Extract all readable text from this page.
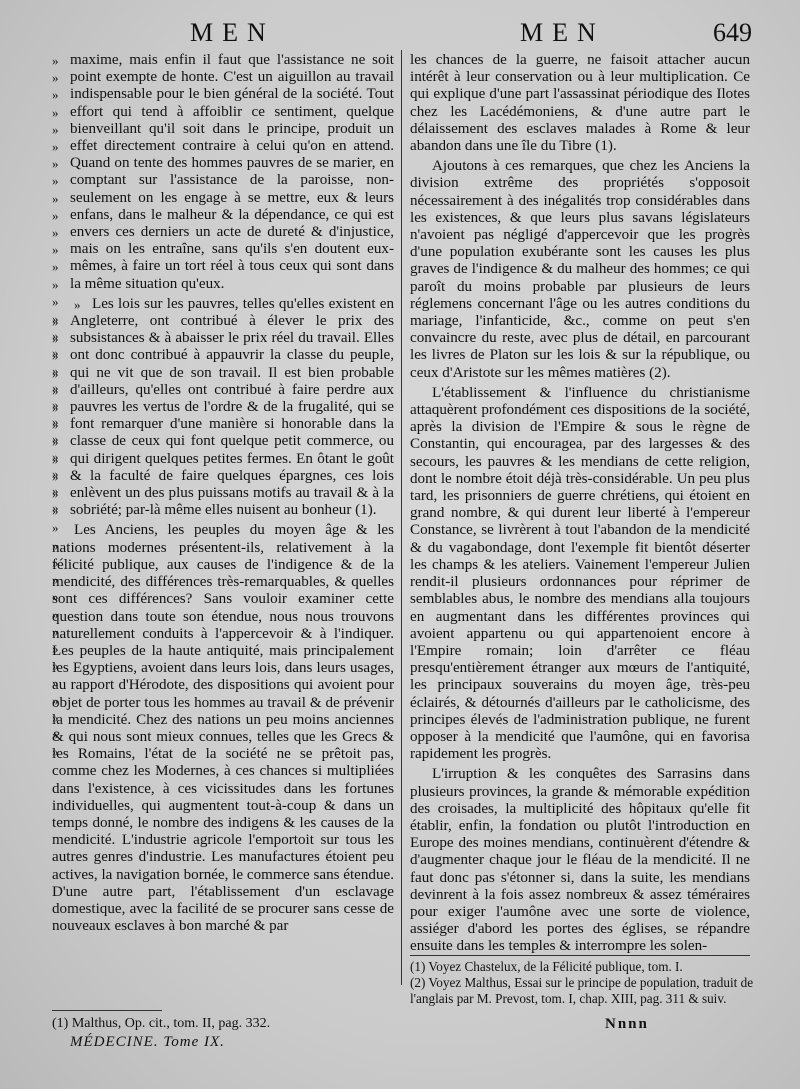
MEN	MEN	649

» » » » » » » » » » » » » » » » » » » » » » » » » » » maxime, mais enfin il faut que l'assistance ne soit point exempte de honte. C'est un aiguillon au travail indispensable pour le bien général de la société. Tout effort qui tend à affoiblir ce sentiment, quelque bienveillant qu'il soit dans le principe, produit un effet directement contraire à celui qu'on en attend. Quand on tente des hommes pauvres de se marier, en comptant sur l'assistance de la paroisse, non-seulement on les engage à se mettre, eux & leurs enfans, dans le malheur & la dépendance, ce qui est envers ces derniers un acte de dureté & d'injustice, mais on les entraîne, sans qu'ils s'en doutent eux-mêmes, à faire un tort réel à tous ceux qui sont dans la même situation qu'eux.

» » » » » » » » » » » » » » » » » » » » » » » » » » » Les lois sur les pauvres, telles qu'elles existent en Angleterre, ont contribué à élever le prix des subsistances & à abaisser le prix réel du travail. Elles ont donc contribué à appauvrir la classe du peuple, qui ne vit que de son travail. Il est bien probable d'ailleurs, qu'elles ont contribué à faire perdre aux pauvres les vertus de l'ordre & de la frugalité, qui se font remarquer d'une manière si honorable dans la classe de ceux qui font quelque petit commerce, ou qui dirigent quelques petites fermes. En ôtant le goût & la faculté de faire quelques épargnes, ces lois enlèvent un des plus puissans motifs au travail & à la sobriété; par-là même elles nuisent au bonheur (1).

Les Anciens, les peuples du moyen âge & les nations modernes présentent-ils, relativement à la félicité publique, aux causes de l'indigence & de la mendicité, des différences très-remarquables, & quelles sont ces différences? Sans vouloir examiner cette question dans toute son étendue, nous nous trouvons naturellement conduits à l'appercevoir & à l'indiquer. Les peuples de la haute antiquité, mais principalement les Egyptiens, avoient dans leurs lois, dans leurs usages, au rapport d'Hérodote, des dispositions qui avoient pour objet de porter tous les hommes au travail & de prévenir la mendicité. Chez des nations un peu moins anciennes & qui nous sont mieux connues, telles que les Grecs & les Romains, l'état de la société ne se prêtoit pas, comme chez les Modernes, à ces chances si multipliées dans l'existence, à ces vicissitudes dans les fortunes individuelles, qui augmentent tout-à-coup & dans un temps donné, le nombre des indigens & les causes de la mendicité. L'industrie agricole l'emportoit sur tous les autres genres d'industrie. Les manufactures étoient peu actives, la navigation bornée, le commerce sans étendue. D'une autre part, l'établissement d'un esclavage domestique, avec la facilité de se procurer sans cesse de nouveaux esclaves à bon marché & par

les chances de la guerre, ne faisoit attacher aucun intérêt à leur conservation ou à leur multiplication. Ce qui explique d'une part l'assassinat périodique des Ilotes chez les Lacédémoniens, & d'une autre part le délaissement des esclaves malades à Rome & leur abandon dans une île du Tibre (1).

Ajoutons à ces remarques, que chez les Anciens la division extrême des propriétés s'opposoit nécessairement à des inégalités trop considérables dans les existences, & que leurs plus savans législateurs n'avoient pas négligé d'appercevoir que les progrès d'une population exubérante sont les causes les plus graves de l'indigence & du malheur des hommes; ce qui paroît du moins probable par plusieurs de leurs réglemens concernant l'âge ou les autres conditions du mariage, l'infanticide, &c., comme on peut s'en convaincre du reste, avec plus de détail, en parcourant les livres de Platon sur les lois & sur la république, ou ceux d'Aristote sur les mêmes matières (2).

L'établissement & l'influence du christianisme attaquèrent profondément ces dispositions de la société, après la division de l'Empire & sous le règne de Constantin, qui encouragea, par des largesses & des secours, les pauvres & les mendians de cette religion, dont le nombre étoit déjà très-considérable. Un peu plus tard, les prisonniers de guerre chrétiens, qui étoient en grand nombre, & qui durent leur liberté à l'empereur Constance, se livrèrent à tout l'abandon de la mendicité & du vagabondage, dont l'exemple fit bientôt déserter les champs & les ateliers. Vainement l'empereur Julien rendit-il plusieurs ordonnances pour réprimer de semblables abus, le nombre des mendians alla toujours en augmentant dans les différentes provinces qui avoient appartenu ou qui appartenoient encore à l'Empire romain; loin d'arrêter ce fléau presqu'entièrement étranger aux mœurs de l'antiquité, les principaux souverains du moyen âge, très-peu éclairés, & détournés d'ailleurs par le catholicisme, des principes élevés de l'administration publique, ne furent opposer à la mendicité que l'aumône, qui en favorisa rapidement les progrès.

L'irruption & les conquêtes des Sarrasins dans plusieurs provinces, la grande & mémorable expédition des croisades, la multiplicité des hôpitaux qu'elle fit établir, enfin, la fondation ou plutôt l'introduction en Europe des moines mendians, continuèrent d'étendre & d'augmenter chaque jour le fléau de la mendicité. Il ne faut donc pas s'étonner si, dans la suite, les mendians devinrent à la fois assez nombreux & assez téméraires pour exiger l'aumône avec une sorte de violence, assiéger d'abord les portes des églises, se répandre ensuite dans les temples & interrompre les solen-

(1) Malthus, Op. cit., tom. II, pag. 332.
MÉDECINE. Tome IX.
(1) Voyez Chastelux, de la Félicité publique, tom. I.
(2) Voyez Malthus, Essai sur le principe de population, traduit de l'anglais par M. Prevost, tom. I, chap. XIII, pag. 311 & suiv.
Nnnn
